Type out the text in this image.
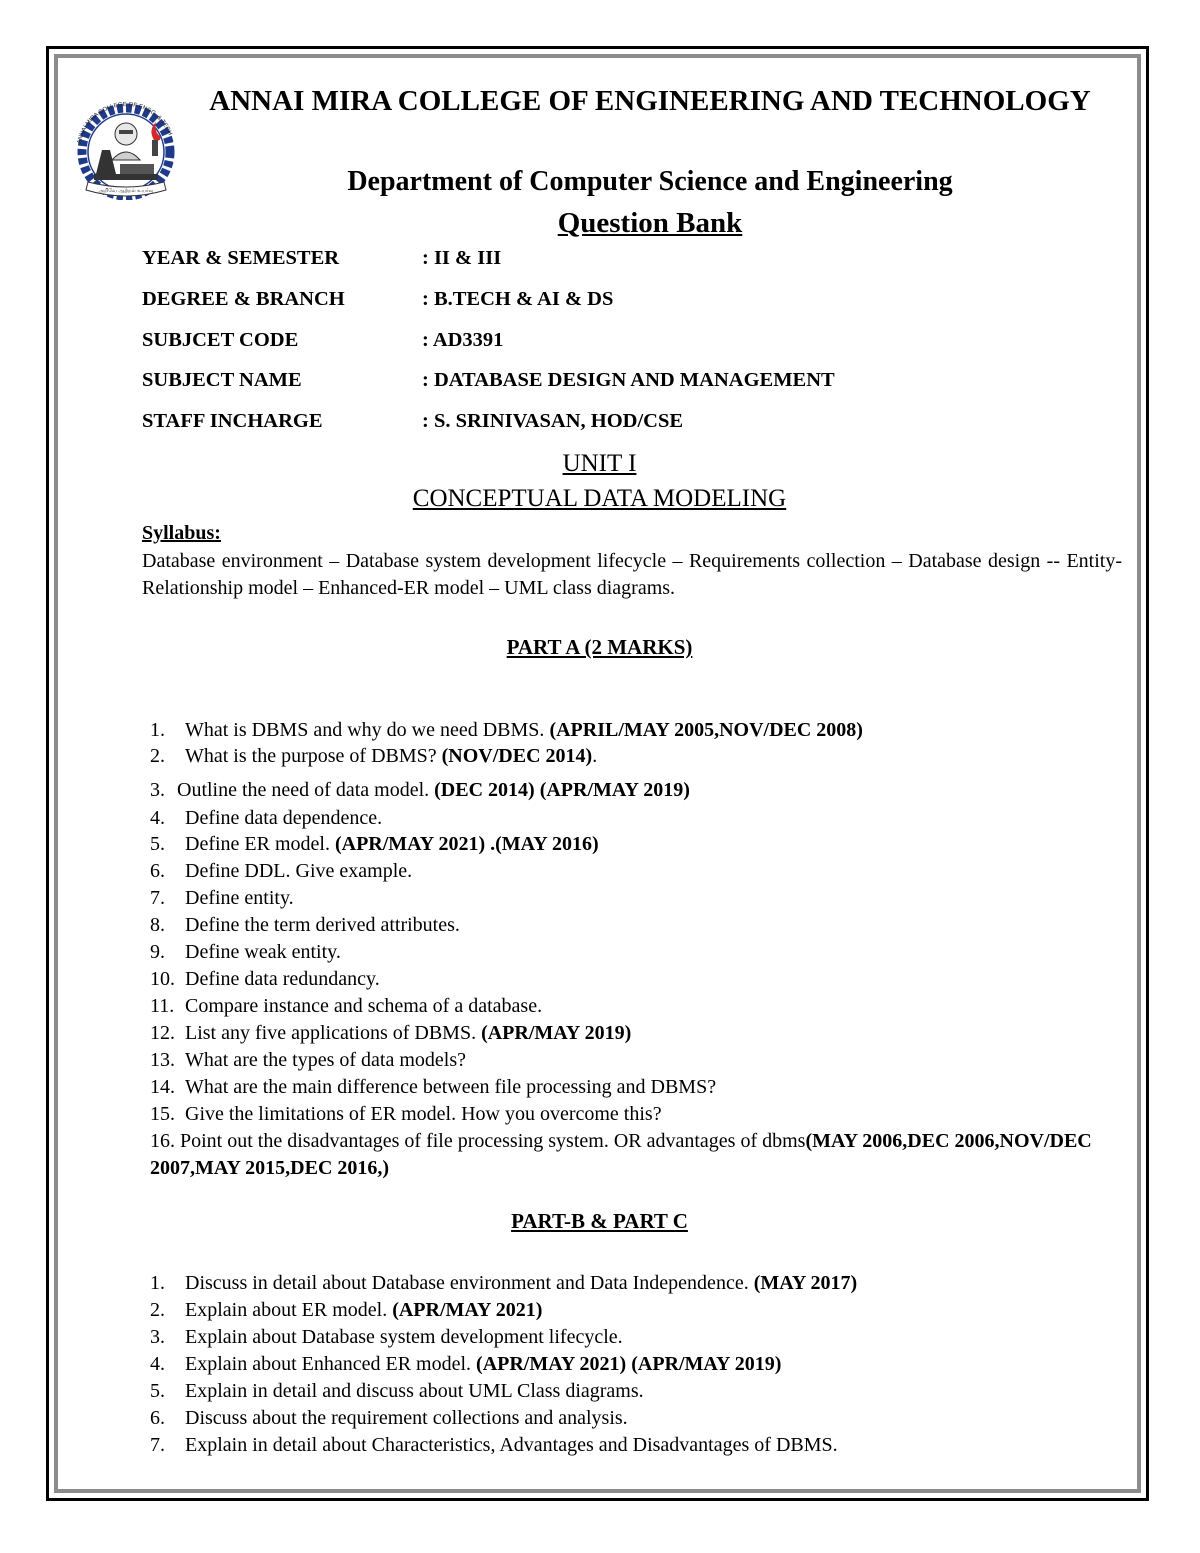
ANNAI MIRA COLLEGE OF ENGG. & TECH
அறிவே ஆற்றல் உயர்வு
ANNAI MIRA COLLEGE OF ENGINEERING AND TECHNOLOGY
Department of Computer Science and Engineering
Question Bank
YEAR & SEMESTER	: II & III
DEGREE & BRANCH	: B.TECH & AI & DS
SUBJCET CODE	: AD3391
SUBJECT NAME	: DATABASE DESIGN AND MANAGEMENT
STAFF INCHARGE	: S. SRINIVASAN, HOD/CSE
UNIT I
CONCEPTUAL DATA MODELING
Syllabus:
Database environment – Database system development lifecycle – Requirements collection – Database design -- Entity-Relationship model – Enhanced-ER model – UML class diagrams.
PART A (2 MARKS)
1. What is DBMS and why do we need DBMS. (APRIL/MAY 2005,NOV/DEC 2008)
2. What is the purpose of DBMS? (NOV/DEC 2014).
3. Outline the need of data model. (DEC 2014) (APR/MAY 2019)
4. Define data dependence.
5. Define ER model. (APR/MAY 2021) .(MAY 2016)
6. Define DDL. Give example.
7. Define entity.
8. Define the term derived attributes.
9. Define weak entity.
10. Define data redundancy.
11. Compare instance and schema of a database.
12. List any five applications of DBMS. (APR/MAY 2019)
13. What are the types of data models?
14. What are the main difference between file processing and DBMS?
15. Give the limitations of ER model. How you overcome this?
16. Point out the disadvantages of file processing system. OR advantages of dbms(MAY 2006,DEC 2006,NOV/DEC 2007,MAY 2015,DEC 2016,)
PART-B & PART C
1. Discuss in detail about Database environment and Data Independence. (MAY 2017)
2. Explain about ER model. (APR/MAY 2021)
3. Explain about Database system development lifecycle.
4. Explain about Enhanced ER model. (APR/MAY 2021) (APR/MAY 2019)
5. Explain in detail and discuss about UML Class diagrams.
6. Discuss about the requirement collections and analysis.
7. Explain in detail about Characteristics, Advantages and Disadvantages of DBMS.
